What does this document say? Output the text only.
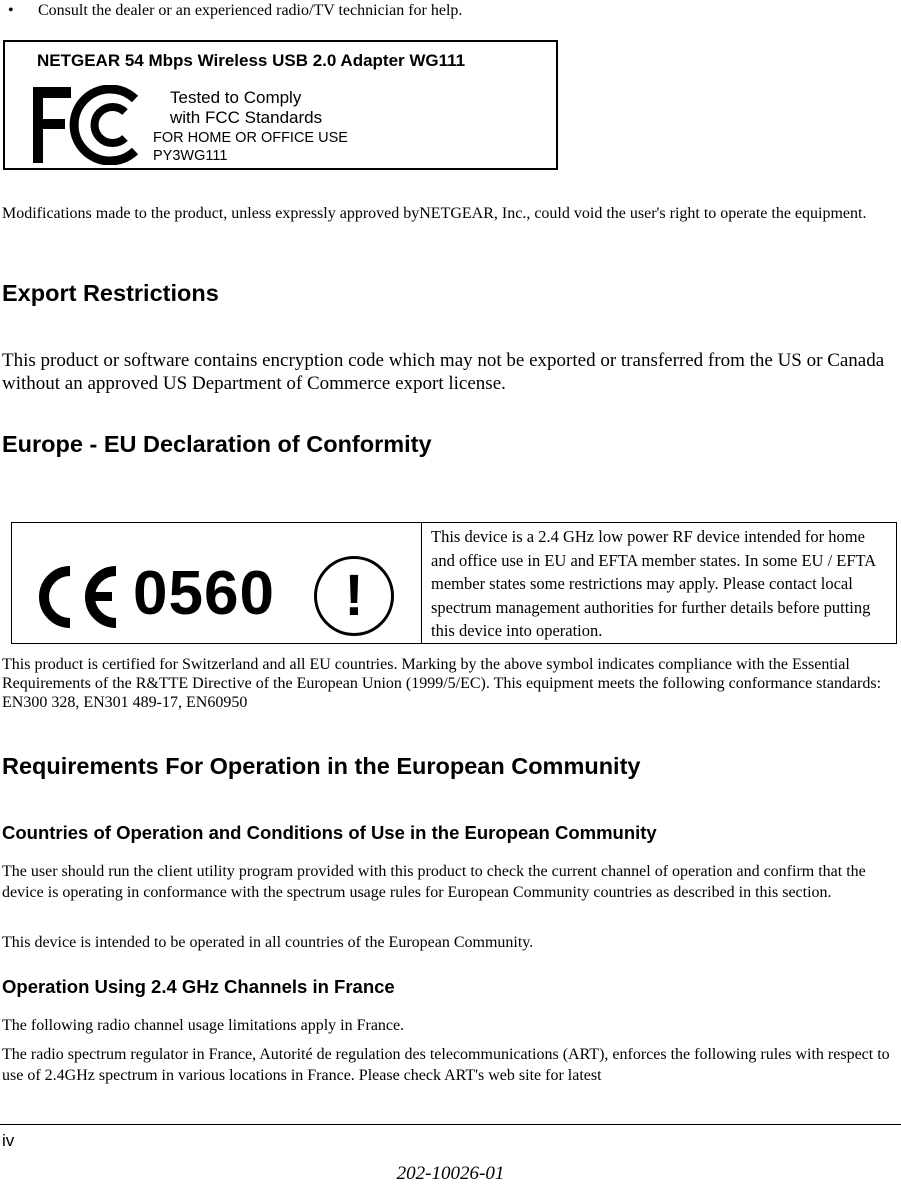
• Consult the dealer or an experienced radio/TV technician for help.
NETGEAR 54 Mbps Wireless USB 2.0 Adapter WG111
Tested to Comply
with FCC Standards
FOR HOME OR OFFICE USE
PY3WG111
Modifications made to the product, unless expressly approved byNETGEAR, Inc., could void the user's right to operate the equipment.
Export Restrictions
This product or software contains encryption code which may not be exported or transferred from the US or Canada without an approved US Department of Commerce export license.
Europe - EU Declaration of Conformity
0560	!
This device is a 2.4 GHz low power RF device intended for home and office use in EU and EFTA member states. In some EU / EFTA member states some restrictions may apply. Please contact local spectrum management authorities for further details before putting this device into operation.
This product is certified for Switzerland and all EU countries. Marking by the above symbol indicates compliance with the Essential Requirements of the R&TTE Directive of the European Union (1999/5/EC). This equipment meets the following conformance standards: EN300 328, EN301 489-17, EN60950
Requirements For Operation in the European Community
Countries of Operation and Conditions of Use in the European Community
The user should run the client utility program provided with this product to check the current channel of operation and confirm that the device is operating in conformance with the spectrum usage rules for European Community countries as described in this section.
This device is intended to be operated in all countries of the European Community.
Operation Using 2.4 GHz Channels in France
The following radio channel usage limitations apply in France.
The radio spectrum regulator in France, Autorité de regulation des telecommunications (ART), enforces the following rules with respect to use of 2.4GHz spectrum in various locations in France. Please check ART's web site for latest
iv
202-10026-01
